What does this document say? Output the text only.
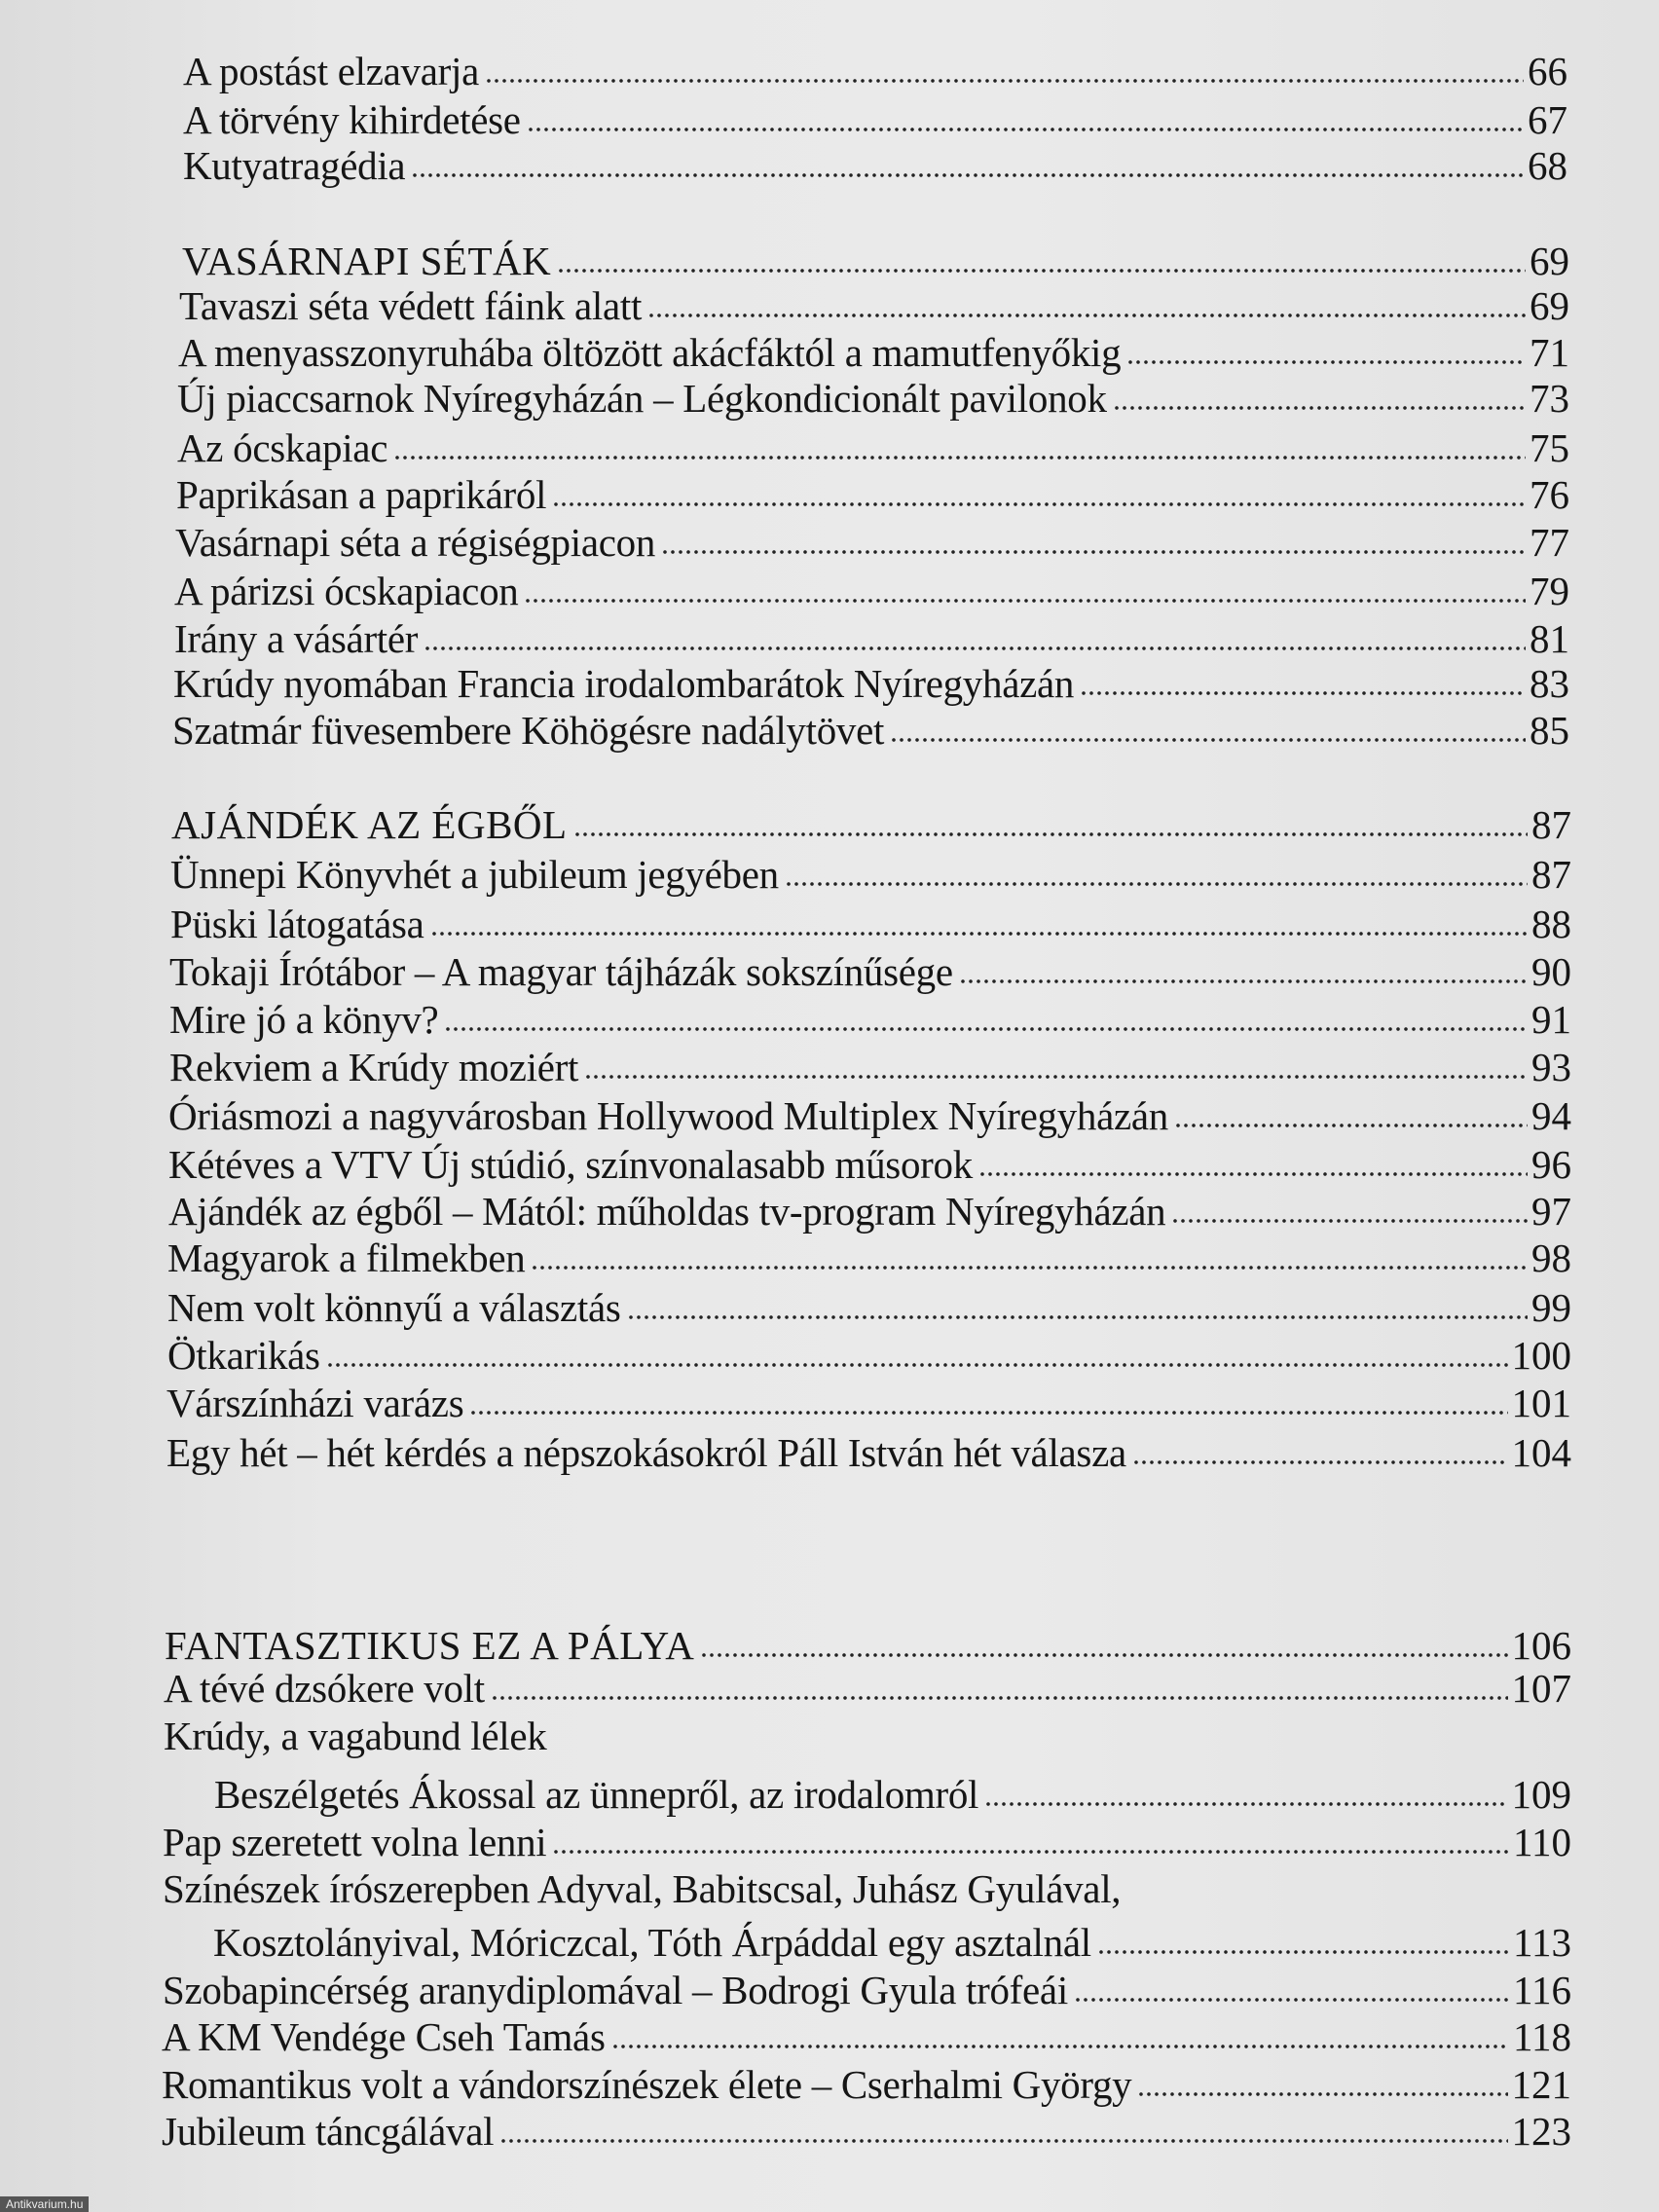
A postást elzavarja	66
A törvény kihirdetése	67
Kutyatragédia	68
VASÁRNAPI SÉTÁK	69
Tavaszi séta védett fáink alatt	69
A menyasszonyruhába öltözött akácfáktól a mamutfenyőkig	71
Új piaccsarnok Nyíregyházán – Légkondicionált pavilonok	73
Az ócskapiac	75
Paprikásan a paprikáról	76
Vasárnapi séta a régiségpiacon	77
A párizsi ócskapiacon	79
Irány a vásártér	81
Krúdy nyomában Francia irodalombarátok Nyíregyházán	83
Szatmár füvesembere Köhögésre nadálytövet	85
AJÁNDÉK AZ ÉGBŐL	87
Ünnepi Könyvhét a jubileum jegyében	87
Püski látogatása	88
Tokaji Írótábor – A magyar tájházák sokszínűsége	90
Mire jó a könyv?	91
Rekviem a Krúdy moziért	93
Óriásmozi a nagyvárosban Hollywood Multiplex Nyíregyházán	94
Kétéves a VTV Új stúdió, színvonalasabb műsorok	96
Ajándék az égből – Mától: műholdas tv-program Nyíregyházán	97
Magyarok a filmekben	98
Nem volt könnyű a választás	99
Ötkarikás	100
Várszínházi varázs	101
Egy hét – hét kérdés a népszokásokról Páll István hét válasza	104
FANTASZTIKUS EZ A PÁLYA	106
A tévé dzsókere volt	107
Krúdy, a vagabund lélek
Beszélgetés Ákossal az ünnepről, az irodalomról	109
Pap szeretett volna lenni	110
Színészek írószerepben Adyval, Babitscsal, Juhász Gyulával,
Kosztolányival, Móriczcal, Tóth Árpáddal egy asztalnál	113
Szobapincérség aranydiplomával – Bodrogi Gyula trófeái	116
A KM Vendége Cseh Tamás	118
Romantikus volt a vándorszínészek élete – Cserhalmi György	121
Jubileum táncgálával	123
Antikvarium.hu
